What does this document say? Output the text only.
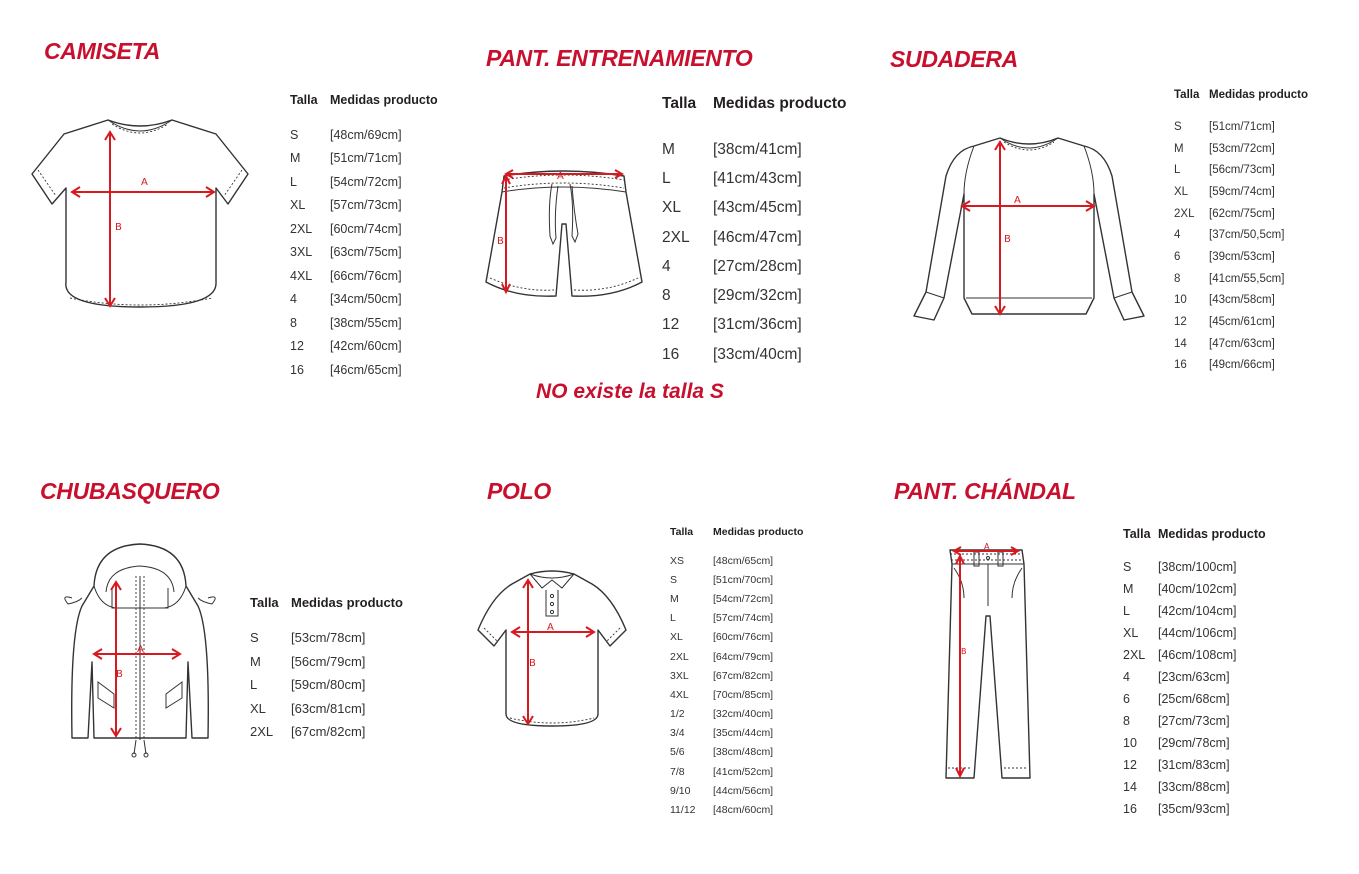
CAMISETA
A
B
Talla	Medidas producto
S	[48cm/69cm]
M	[51cm/71cm]
L	[54cm/72cm]
XL	[57cm/73cm]
2XL	[60cm/74cm]
3XL	[63cm/75cm]
4XL	[66cm/76cm]
4	[34cm/50cm]
8	[38cm/55cm]
12	[42cm/60cm]
16	[46cm/65cm]
PANT. ENTRENAMIENTO
A
B
Talla	Medidas producto
M	[38cm/41cm]
L	[41cm/43cm]
XL	[43cm/45cm]
2XL	[46cm/47cm]
4	[27cm/28cm]
8	[29cm/32cm]
12	[31cm/36cm]
16	[33cm/40cm]

NO existe la talla S

SUDADERA
A
B
Talla	Medidas producto
S	[51cm/71cm]
M	[53cm/72cm]
L	[56cm/73cm]
XL	[59cm/74cm]
2XL	[62cm/75cm]
4	[37cm/50,5cm]
6	[39cm/53cm]
8	[41cm/55,5cm]
10	[43cm/58cm]
12	[45cm/61cm]
14	[47cm/63cm]
16	[49cm/66cm]
CHUBASQUERO
A
B
Talla	Medidas producto
S	[53cm/78cm]
M	[56cm/79cm]
L	[59cm/80cm]
XL	[63cm/81cm]
2XL	[67cm/82cm]
POLO
A
B
Talla	Medidas producto
XS	[48cm/65cm]
S	[51cm/70cm]
M	[54cm/72cm]
L	[57cm/74cm]
XL	[60cm/76cm]
2XL	[64cm/79cm]
3XL	[67cm/82cm]
4XL	[70cm/85cm]
1/2	[32cm/40cm]
3/4	[35cm/44cm]
5/6	[38cm/48cm]
7/8	[41cm/52cm]
9/10	[44cm/56cm]
11/12	[48cm/60cm]
PANT. CHÁNDAL
A
B
Talla	Medidas producto
S	[38cm/100cm]
M	[40cm/102cm]
L	[42cm/104cm]
XL	[44cm/106cm]
2XL	[46cm/108cm]
4	[23cm/63cm]
6	[25cm/68cm]
8	[27cm/73cm]
10	[29cm/78cm]
12	[31cm/83cm]
14	[33cm/88cm]
16	[35cm/93cm]
